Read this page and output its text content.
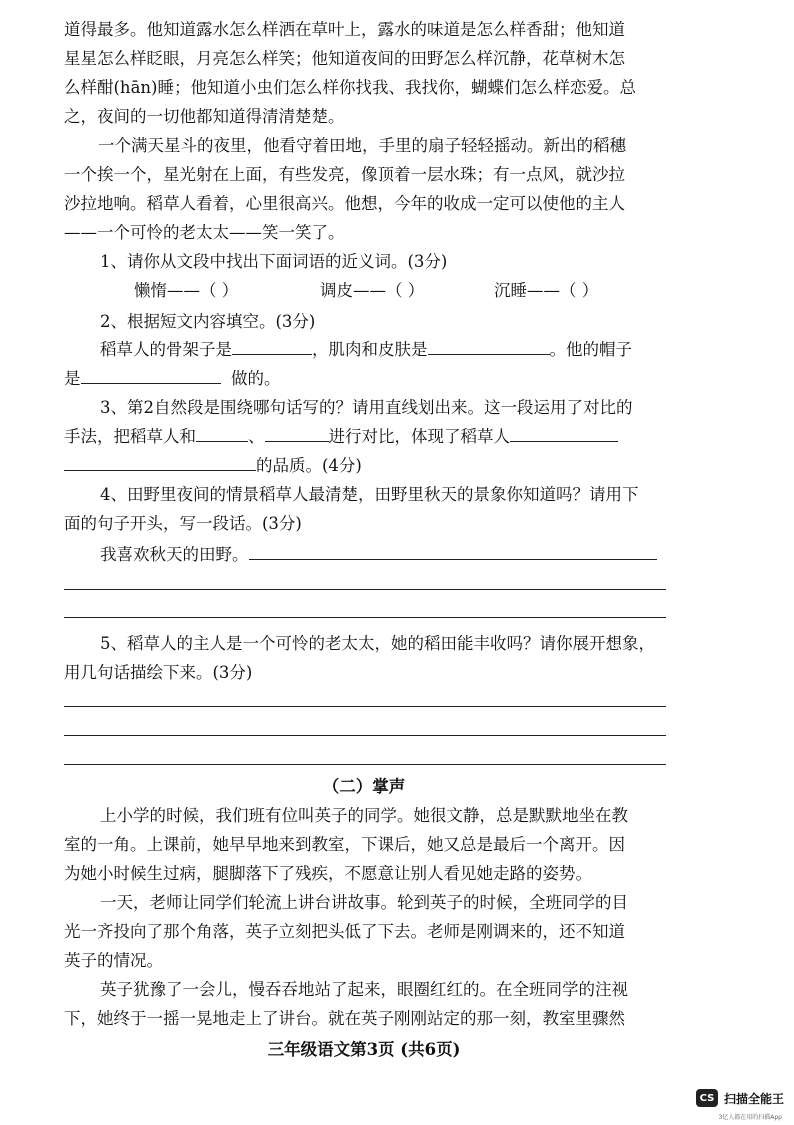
道得最多。他知道露水怎么样洒在草叶上，露水的味道是怎么样香甜；他知道
星星怎么样眨眼，月亮怎么样笑；他知道夜间的田野怎么样沉静，花草树木怎
么样酣(hān)睡；他知道小虫们怎么样你找我、我找你，蝴蝶们怎么样恋爱。总
之，夜间的一切他都知道得清清楚楚。
一个满天星斗的夜里，他看守着田地，手里的扇子轻轻摇动。新出的稻穗
一个挨一个，星光射在上面，有些发亮，像顶着一层水珠；有一点风，就沙拉
沙拉地响。稻草人看着，心里很高兴。他想，今年的收成一定可以使他的主人
——一个可怜的老太太——笑一笑了。
1、请你从文段中找出下面词语的近义词。(3分)
懒惰——（ ）	调皮——（ ）	沉睡——（ ）
2、根据短文内容填空。(3分)
稻草人的骨架子是	，肌肉和皮肤是	。他的帽子
是	做的。
3、第2自然段是围绕哪句话写的？请用直线划出来。这一段运用了对比的
手法，把稻草人和	、	进行对比，体现了稻草人
的品质。(4分)
4、田野里夜间的情景稻草人最清楚，田野里秋天的景象你知道吗？请用下
面的句子开头，写一段话。(3分)
我喜欢秋天的田野。
5、稻草人的主人是一个可怜的老太太，她的稻田能丰收吗？请你展开想象，
用几句话描绘下来。(3分)
（二）掌声
上小学的时候，我们班有位叫英子的同学。她很文静，总是默默地坐在教
室的一角。上课前，她早早地来到教室，下课后，她又总是最后一个离开。因
为她小时候生过病，腿脚落下了残疾，不愿意让别人看见她走路的姿势。
一天，老师让同学们轮流上讲台讲故事。轮到英子的时候，全班同学的目
光一齐投向了那个角落，英子立刻把头低了下去。老师是刚调来的，还不知道
英子的情况。
英子犹豫了一会儿，慢吞吞地站了起来，眼圈红红的。在全班同学的注视
下，她终于一摇一晃地走上了讲台。就在英子刚刚站定的那一刻，教室里骤然
三年级语文第3页 (共6页)
CS 扫描全能王
3亿人都在用的扫描App
